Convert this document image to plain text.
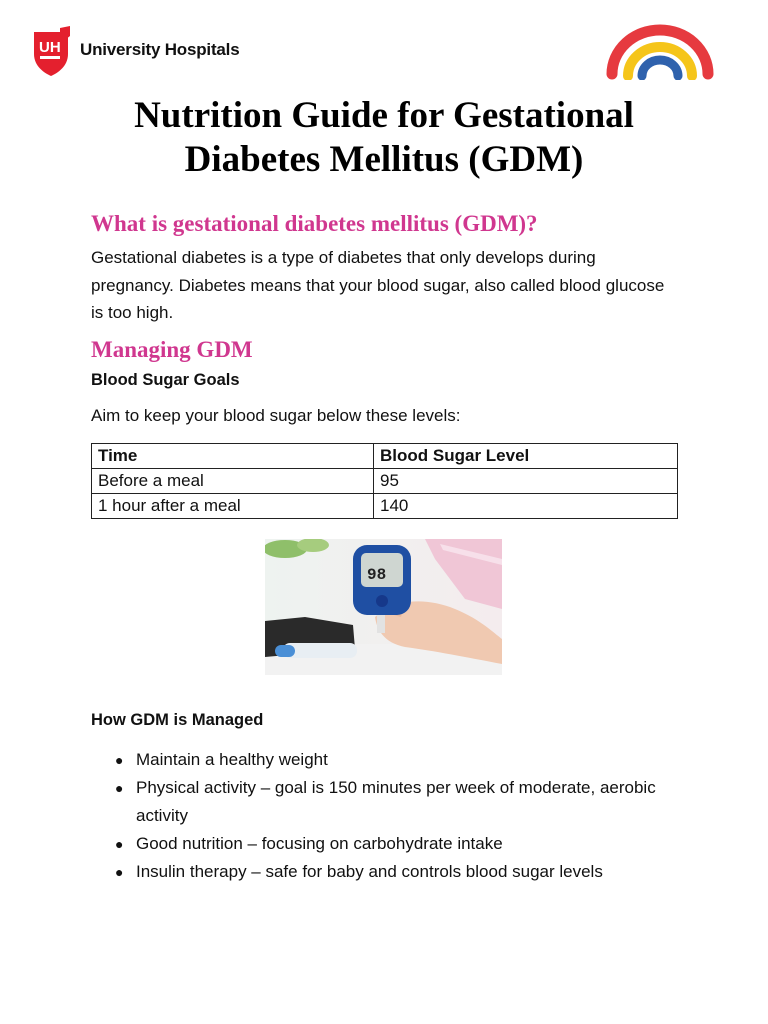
UH University Hospitals
Nutrition Guide for Gestational
Diabetes Mellitus (GDM)
What is gestational diabetes mellitus (GDM)?

Gestational diabetes is a type of diabetes that only develops during pregnancy. Diabetes means that your blood sugar, also called blood glucose is too high.

Managing GDM
Blood Sugar Goals
Aim to keep your blood sugar below these levels:
Time	Blood Sugar Level
Before a meal	95
1 hour after a meal	140
98
How GDM is Managed
● Maintain a healthy weight
● Physical activity – goal is 150 minutes per week of moderate, aerobic activity
● Good nutrition – focusing on carbohydrate intake
● Insulin therapy – safe for baby and controls blood sugar levels
